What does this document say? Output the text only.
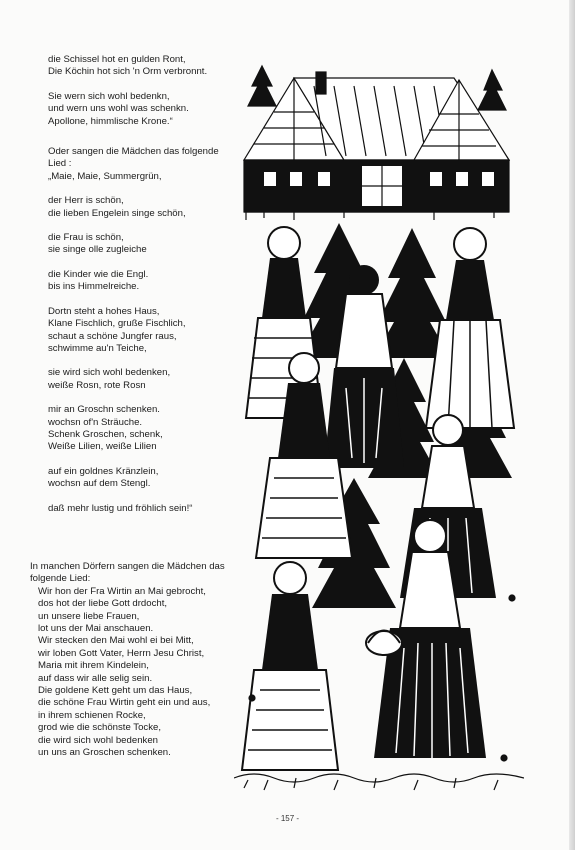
die Schissel hot en gulden Ront,
Die Köchin hot sich 'n Orm verbronnt.
Sie wern sich wohl bedenkn,
und wern uns wohl was schenkn.
Apollone, himmlische Krone.“
Oder sangen die Mädchen das folgende
Lied :
„Maie, Maie, Summergrün,
der Herr is schön,
die lieben Engelein singe schön,
die Frau is schön,
sie singe olle zugleiche
die Kinder wie die Engl.
bis ins Himmelreiche.
Dortn steht a hohes Haus,
Klane Fischlich, gruße Fischlich,
schaut a schöne Jungfer raus,
schwimme au'n Teiche,
sie wird sich wohl bedenken,
weiße Rosn, rote Rosn
mir an Groschn schenken.
wochsn of'n Sträuche.
Schenk Groschen, schenk,
Weiße Lilien, weiße Lilien
auf ein goldnes Kränzlein,
wochsn auf dem Stengl.
daß mehr lustig und fröhlich sein!“
In manchen Dörfern sangen die Mädchen das
folgende Lied:
Wir hon der Fra Wirtin an Mai gebrocht,
dos hot der liebe Gott drdocht,
un unsere liebe Frauen,
lot uns der Mai anschauen.
Wir stecken den Mai wohl ei bei Mitt,
wir loben Gott Vater, Herrn Jesu Christ,
Maria mit ihrem Kindelein,
auf dass wir alle selig sein.
Die goldene Kett geht um das Haus,
die schöne Frau Wirtin geht ein und aus,
in ihrem schienen Rocke,
grod wie die schönste Tocke,
die wird sich wohl bedenken
un uns an Groschen schenken.
- 157 -
